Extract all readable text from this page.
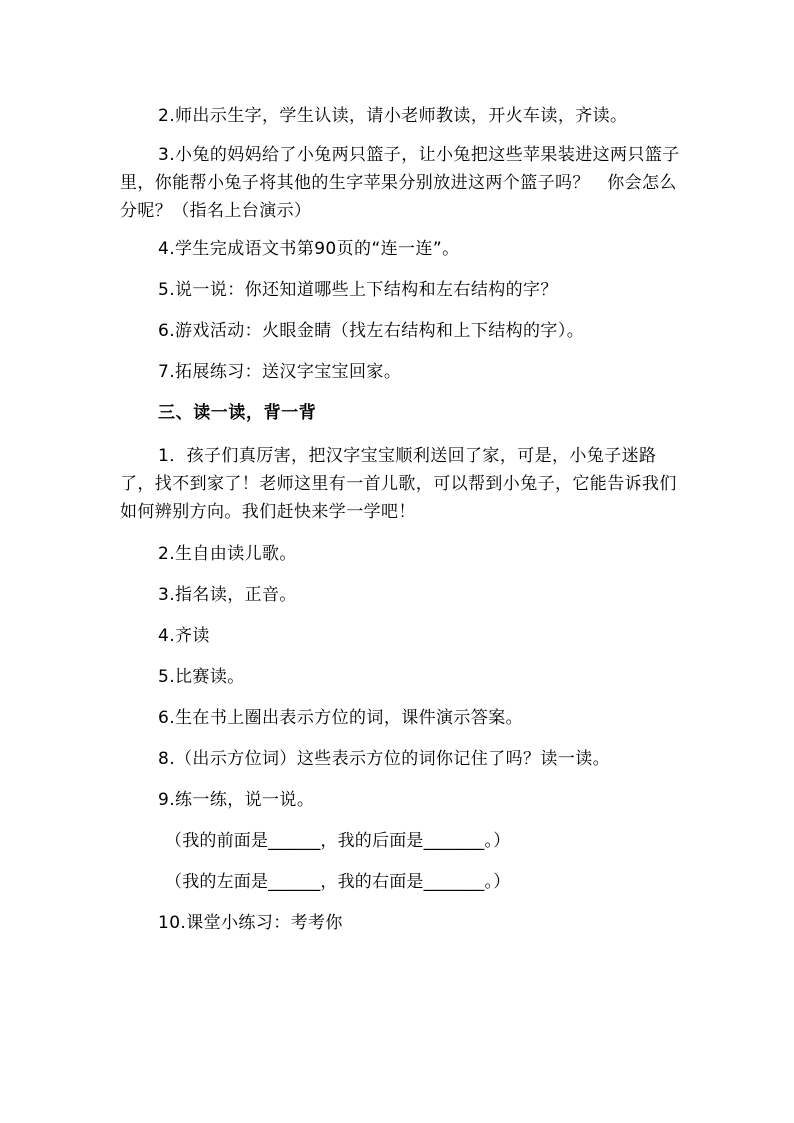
2.师出示生字，学生认读，请小老师教读，开火车读，齐读。

3.小兔的妈妈给了小兔两只篮子，让小兔把这些苹果装进这两只篮子里，你能帮小兔子将其他的生字苹果分别放进这两个篮子吗？　你会怎么分呢？（指名上台演示）

4.学生完成语文书第90页的“连一连”。

5.说一说：你还知道哪些上下结构和左右结构的字？

6.游戏活动：火眼金睛（找左右结构和上下结构的字）。

7.拓展练习：送汉字宝宝回家。

三、读一读，背一背

1．孩子们真厉害，把汉字宝宝顺利送回了家，可是，小兔子迷路了，找不到家了！老师这里有一首儿歌，可以帮到小兔子，它能告诉我们如何辨别方向。我们赶快来学一学吧！

2.生自由读儿歌。

3.指名读，正音。

4.齐读

5.比赛读。

6.生在书上圈出表示方位的词，课件演示答案。

8.（出示方位词）这些表示方位的词你记住了吗？读一读。

9.练一练，说一说。

（我的前面是______，我的后面是_______。）

（我的左面是______，我的右面是_______。）

10.课堂小练习：考考你
